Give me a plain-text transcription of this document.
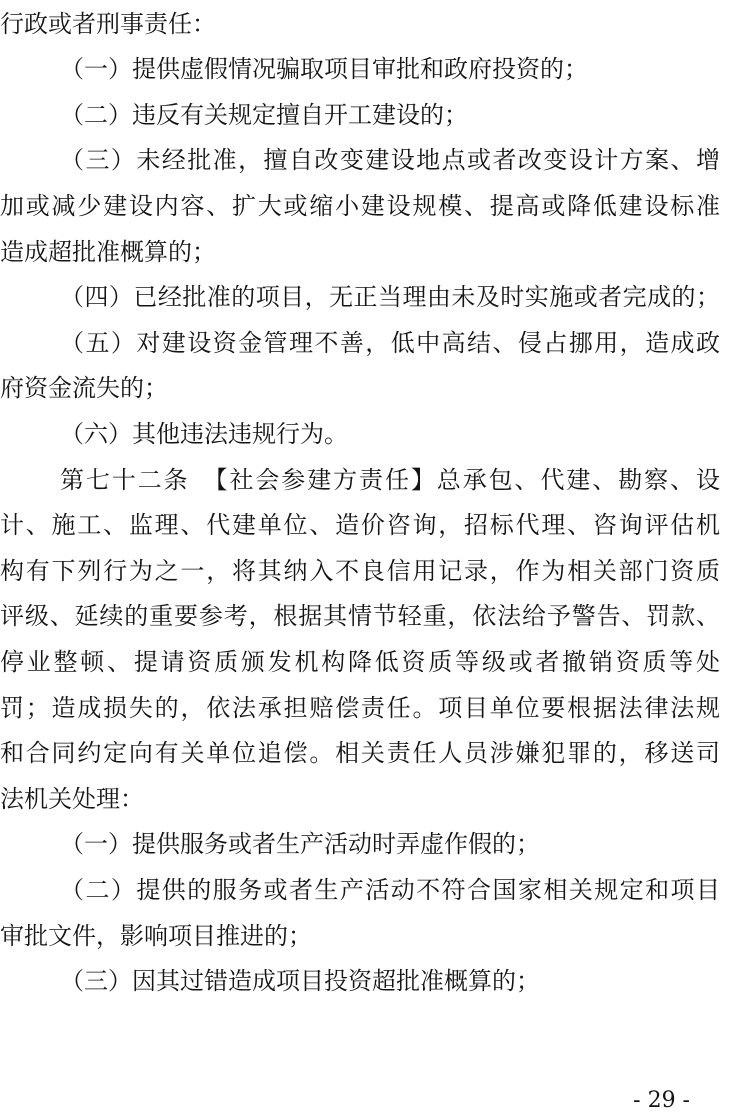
行政或者刑事责任：
（一）提供虚假情况骗取项目审批和政府投资的；
（二）违反有关规定擅自开工建设的；
（三）未经批准，擅自改变建设地点或者改变设计方案、增
加或减少建设内容、扩大或缩小建设规模、提高或降低建设标准
造成超批准概算的；
（四）已经批准的项目，无正当理由未及时实施或者完成的；
（五）对建设资金管理不善，低中高结、侵占挪用，造成政
府资金流失的；
（六）其他违法违规行为。
第七十二条　【社会参建方责任】总承包、代建、勘察、设
计、施工、监理、代建单位、造价咨询，招标代理、咨询评估机
构有下列行为之一，将其纳入不良信用记录，作为相关部门资质
评级、延续的重要参考，根据其情节轻重，依法给予警告、罚款、
停业整顿、提请资质颁发机构降低资质等级或者撤销资质等处
罚；造成损失的，依法承担赔偿责任。项目单位要根据法律法规
和合同约定向有关单位追偿。相关责任人员涉嫌犯罪的，移送司
法机关处理：
（一）提供服务或者生产活动时弄虚作假的；
（二）提供的服务或者生产活动不符合国家相关规定和项目
审批文件，影响项目推进的；
（三）因其过错造成项目投资超批准概算的；
- 29 -
